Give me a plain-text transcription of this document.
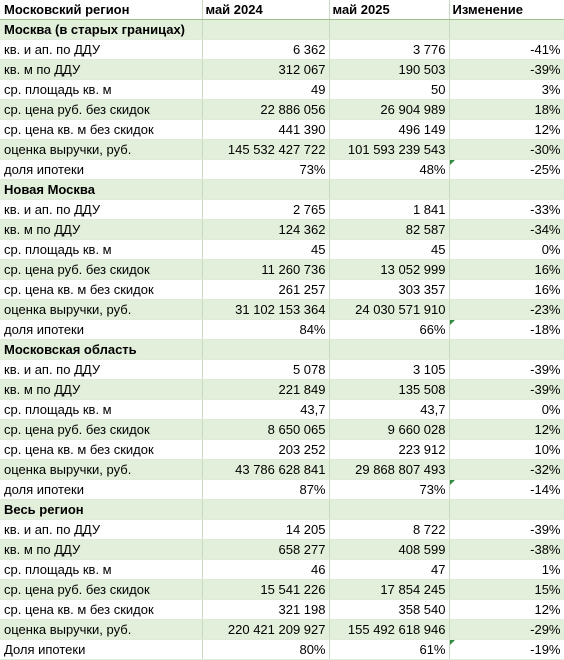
Московский регион	май 2024	май 2025	Изменение
Москва (в старых границах)			
кв. и ап. по ДДУ	6 362	3 776	-41%
кв. м по ДДУ	312 067	190 503	-39%
ср. площадь кв. м	49	50	3%
ср. цена руб. без скидок	22 886 056	26 904 989	18%
ср. цена кв. м без скидок	441 390	496 149	12%
оценка выручки, руб.	145 532 427 722	101 593 239 543	-30%
доля ипотеки	73%	48%	-25%

Новая Москва			
кв. и ап. по ДДУ	2 765	1 841	-33%
кв. м по ДДУ	124 362	82 587	-34%
ср. площадь кв. м	45	45	0%
ср. цена руб. без скидок	11 260 736	13 052 999	16%
ср. цена кв. м без скидок	261 257	303 357	16%
оценка выручки, руб.	31 102 153 364	24 030 571 910	-23%
доля ипотеки	84%	66%	-18%

Московская область			
кв. и ап. по ДДУ	5 078	3 105	-39%
кв. м по ДДУ	221 849	135 508	-39%
ср. площадь кв. м	43,7	43,7	0%
ср. цена руб. без скидок	8 650 065	9 660 028	12%
ср. цена кв. м без скидок	203 252	223 912	10%
оценка выручки, руб.	43 786 628 841	29 868 807 493	-32%
доля ипотеки	87%	73%	-14%

Весь регион			
кв. и ап. по ДДУ	14 205	8 722	-39%
кв. м по ДДУ	658 277	408 599	-38%
ср. площадь кв. м	46	47	1%
ср. цена руб. без скидок	15 541 226	17 854 245	15%
ср. цена кв. м без скидок	321 198	358 540	12%
оценка выручки, руб.	220 421 209 927	155 492 618 946	-29%
Доля ипотеки	80%	61%	-19%
